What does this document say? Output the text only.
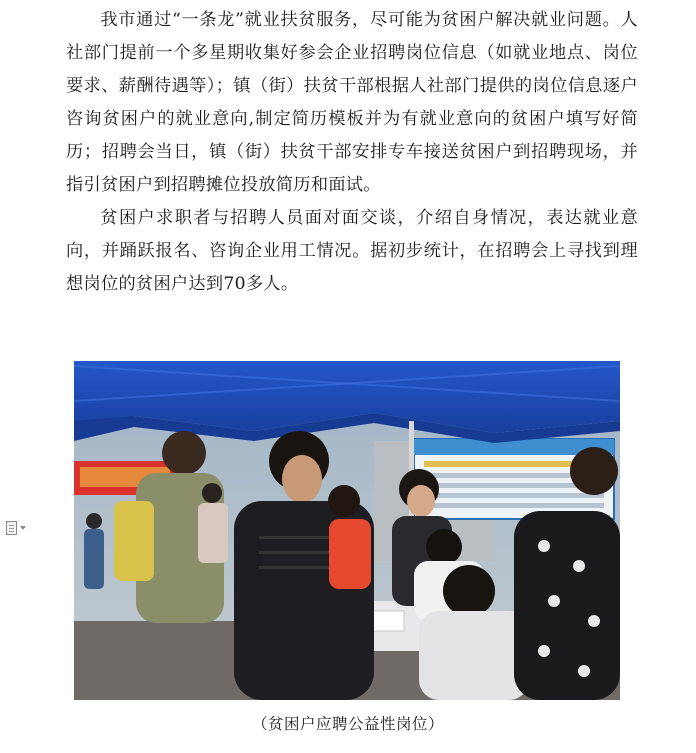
我市通过“一条龙”就业扶贫服务，尽可能为贫困户解决就业问题。人社部门提前一个多星期收集好参会企业招聘岗位信息（如就业地点、岗位要求、薪酬待遇等）；镇（街）扶贫干部根据人社部门提供的岗位信息逐户咨询贫困户的就业意向,制定简历模板并为有就业意向的贫困户填写好简历；招聘会当日，镇（街）扶贫干部安排专车接送贫困户到招聘现场，并指引贫困户到招聘摊位投放简历和面试。

贫困户求职者与招聘人员面对面交谈，介绍自身情况，表达就业意向，并踊跃报名、咨询企业用工情况。据初步统计，在招聘会上寻找到理想岗位的贫困户达到70多人。

（贫困户应聘公益性岗位）
